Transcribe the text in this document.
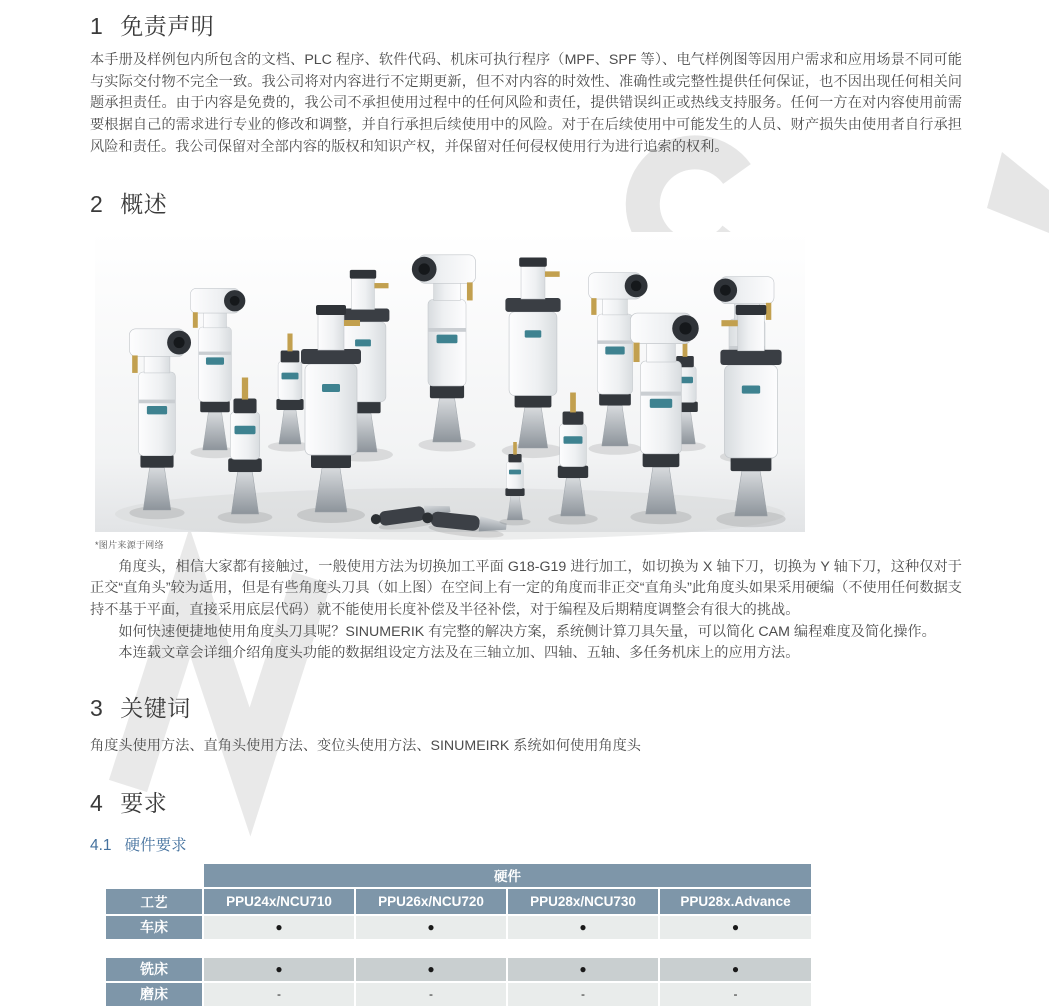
1 免责声明

本手册及样例包内所包含的文档、PLC 程序、软件代码、机床可执行程序（MPF、SPF 等）、电气样例图等因用户需求和应用场景不同可能与实际交付物不完全一致。我公司将对内容进行不定期更新，但不对内容的时效性、准确性或完整性提供任何保证，也不因出现任何相关问题承担责任。由于内容是免费的，我公司不承担使用过程中的任何风险和责任，提供错误纠正或热线支持服务。任何一方在对内容使用前需要根据自己的需求进行专业的修改和调整，并自行承担后续使用中的风险。对于在后续使用中可能发生的人员、财产损失由使用者自行承担风险和责任。我公司保留对全部内容的版权和知识产权，并保留对任何侵权使用行为进行追索的权利。

2 概述
*图片来源于网络

角度头，相信大家都有接触过，一般使用方法为切换加工平面 G18-G19 进行加工，如切换为 X 轴下刀，切换为 Y 轴下刀，这种仅对于正交“直角头”较为适用，但是有些角度头刀具（如上图）在空间上有一定的角度而非正交“直角头”此角度头如果采用硬编（不使用任何数据支持不基于平面，直接采用底层代码）就不能使用长度补偿及半径补偿，对于编程及后期精度调整会有很大的挑战。

如何快速便捷地使用角度头刀具呢？SINUMERIK 有完整的解决方案，系统侧计算刀具矢量，可以简化 CAM 编程难度及简化操作。

本连载文章会详细介绍角度头功能的数据组设定方法及在三轴立加、四轴、五轴、多任务机床上的应用方法。

3 关键词

角度头使用方法、直角头使用方法、变位头使用方法、SINUMEIRK 系统如何使用角度头

4 要求
4.1 硬件要求
硬件
工艺	PPU24x/NCU710	PPU26x/NCU720	PPU28x/NCU730	PPU28x.Advance
车床	●	●	●	●
铣床	●	●	●	●
磨床	-	-	-	-
